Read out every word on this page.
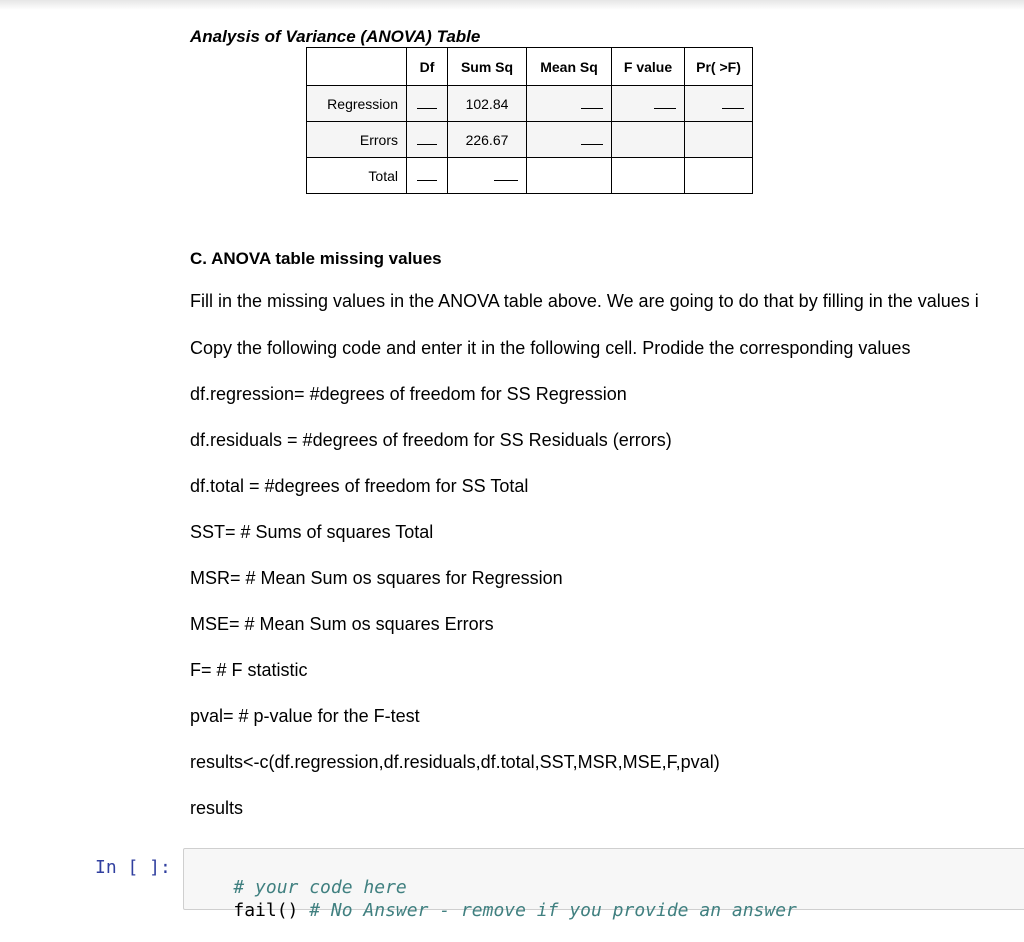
Analysis of Variance (ANOVA) Table
	Df	Sum Sq	Mean Sq	F value	Pr( >F)
Regression		102.84			
Errors		226.67			
Total					
C. ANOVA table missing values
Fill in the missing values in the ANOVA table above. We are going to do that by filling in the values i
Copy the following code and enter it in the following cell. Prodide the corresponding values
df.regression= #degrees of freedom for SS Regression
df.residuals = #degrees of freedom for SS Residuals (errors)
df.total = #degrees of freedom for SS Total
SST= # Sums of squares Total
MSR= # Mean Sum os squares for Regression
MSE= # Mean Sum os squares Errors
F= # F statistic
pval= # p-value for the F-test
results<-c(df.regression,df.residuals,df.total,SST,MSR,MSE,F,pval)
results
In [ ]:

# your code here

fail() # No Answer - remove if you provide an answer
